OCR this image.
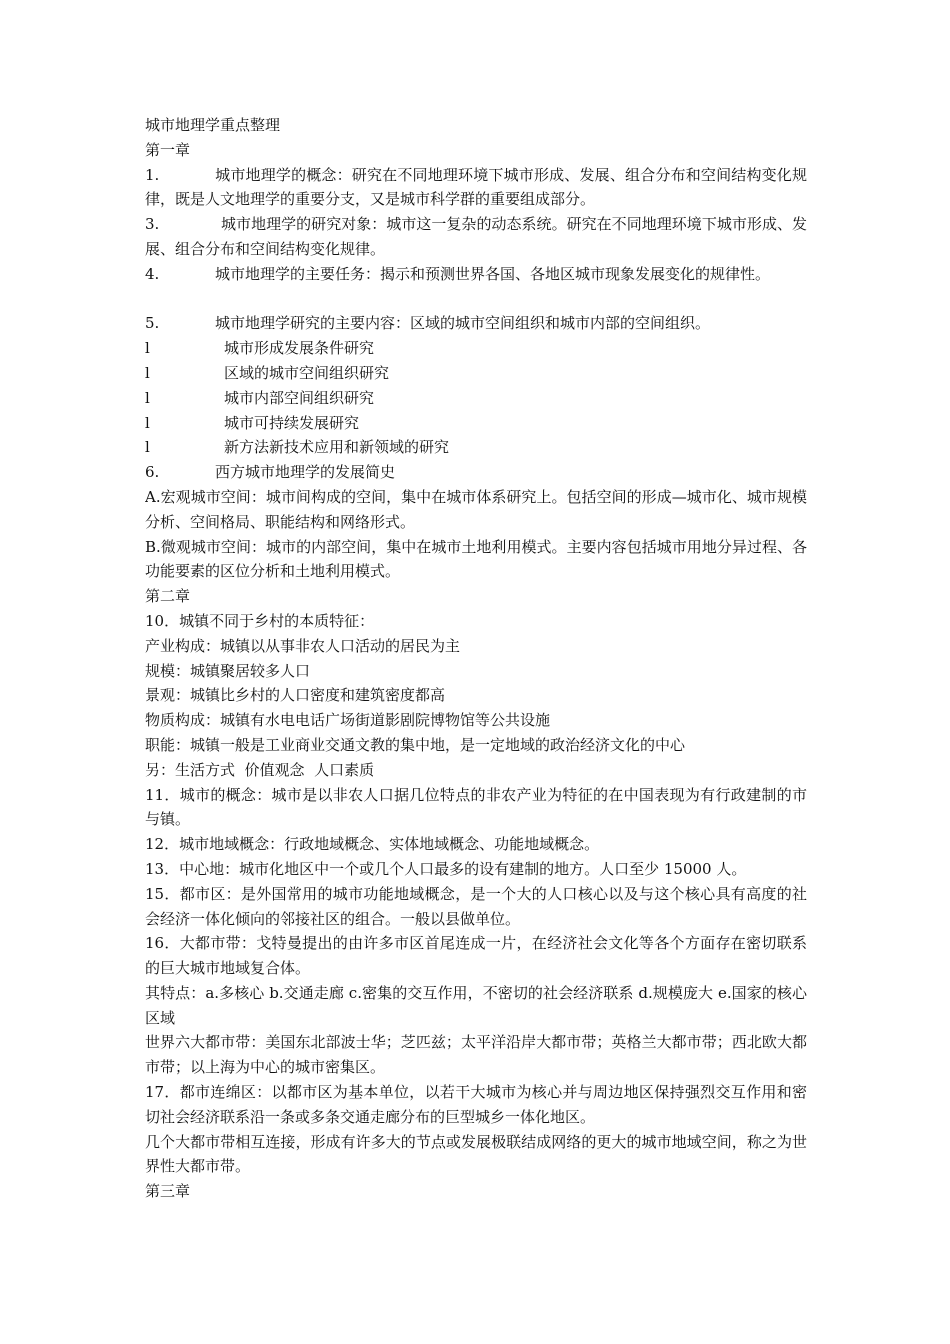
城市地理学重点整理
第一章
1.	城市地理学的概念：研究在不同地理环境下城市形成、发展、组合分布和空间结构变化规律，既是人文地理学的重要分支，又是城市科学群的重要组成部分。
3.	城市地理学的研究对象：城市这一复杂的动态系统。研究在不同地理环境下城市形成、发展、组合分布和空间结构变化规律。
4.	城市地理学的主要任务：揭示和预测世界各国、各地区城市现象发展变化的规律性。
5.	城市地理学研究的主要内容：区域的城市空间组织和城市内部的空间组织。
l	城市形成发展条件研究
l	区域的城市空间组织研究
l	城市内部空间组织研究
l	城市可持续发展研究
l	新方法新技术应用和新领域的研究
6.	西方城市地理学的发展简史
A.宏观城市空间：城市间构成的空间，集中在城市体系研究上。包括空间的形成—城市化、城市规模分析、空间格局、职能结构和网络形式。
B.微观城市空间：城市的内部空间，集中在城市土地利用模式。主要内容包括城市用地分异过程、各功能要素的区位分析和土地利用模式。
第二章
10．城镇不同于乡村的本质特征：
产业构成：城镇以从事非农人口活动的居民为主
规模：城镇聚居较多人口
景观：城镇比乡村的人口密度和建筑密度都高
物质构成：城镇有水电电话广场街道影剧院博物馆等公共设施
职能：城镇一般是工业商业交通文教的集中地，是一定地域的政治经济文化的中心
另：生活方式  价值观念  人口素质
11．城市的概念：城市是以非农人口据几位特点的非农产业为特征的在中国表现为有行政建制的市与镇。
12．城市地域概念：行政地域概念、实体地域概念、功能地域概念。
13．中心地：城市化地区中一个或几个人口最多的设有建制的地方。人口至少 15000 人。
15．都市区：是外国常用的城市功能地域概念，是一个大的人口核心以及与这个核心具有高度的社会经济一体化倾向的邻接社区的组合。一般以县做单位。
16．大都市带：戈特曼提出的由许多市区首尾连成一片，在经济社会文化等各个方面存在密切联系的巨大城市地域复合体。
其特点：a.多核心 b.交通走廊 c.密集的交互作用，不密切的社会经济联系 d.规模庞大 e.国家的核心区域
世界六大都市带：美国东北部波士华；芝匹兹；太平洋沿岸大都市带；英格兰大都市带；西北欧大都市带；以上海为中心的城市密集区。
17．都市连绵区：以都市区为基本单位，以若干大城市为核心并与周边地区保持强烈交互作用和密切社会经济联系沿一条或多条交通走廊分布的巨型城乡一体化地区。
几个大都市带相互连接，形成有许多大的节点或发展极联结成网络的更大的城市地域空间，称之为世界性大都市带。
第三章
